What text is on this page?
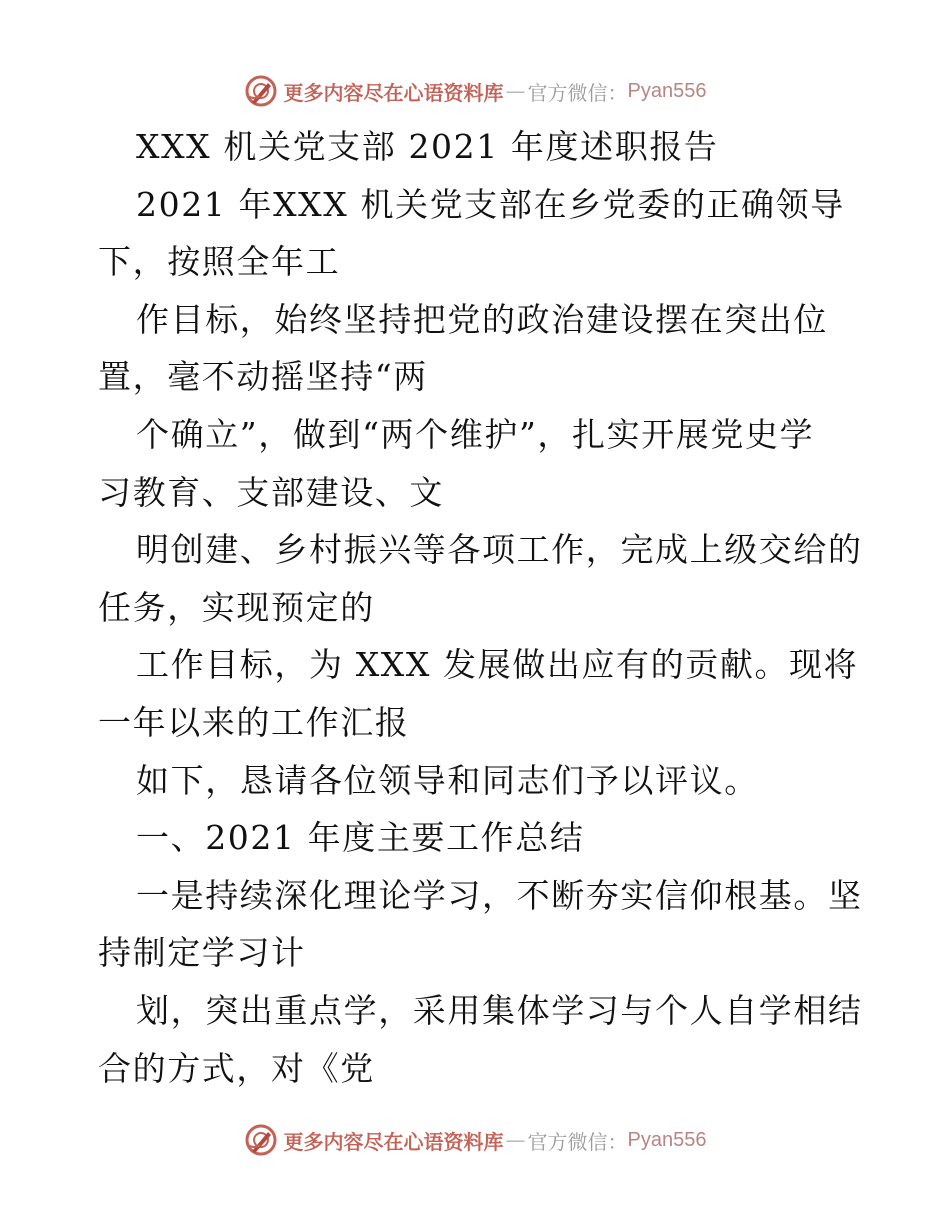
更多内容尽在心语资料库 — 官方微信： Pyan556
XXX 机关党支部 2021 年度述职报告
2021 年XXX 机关党支部在乡党委的正确领导
下，按照全年工
作目标，始终坚持把党的政治建设摆在突出位
置，毫不动摇坚持“两
个确立”，做到“两个维护”，扎实开展党史学
习教育、支部建设、文
明创建、乡村振兴等各项工作，完成上级交给的
任务，实现预定的
工作目标，为 XXX 发展做出应有的贡献。现将
一年以来的工作汇报
如下，恳请各位领导和同志们予以评议。
一、2021 年度主要工作总结
一是持续深化理论学习，不断夯实信仰根基。坚
持制定学习计
划，突出重点学，采用集体学习与个人自学相结
合的方式，对《党
更多内容尽在心语资料库 — 官方微信： Pyan556
